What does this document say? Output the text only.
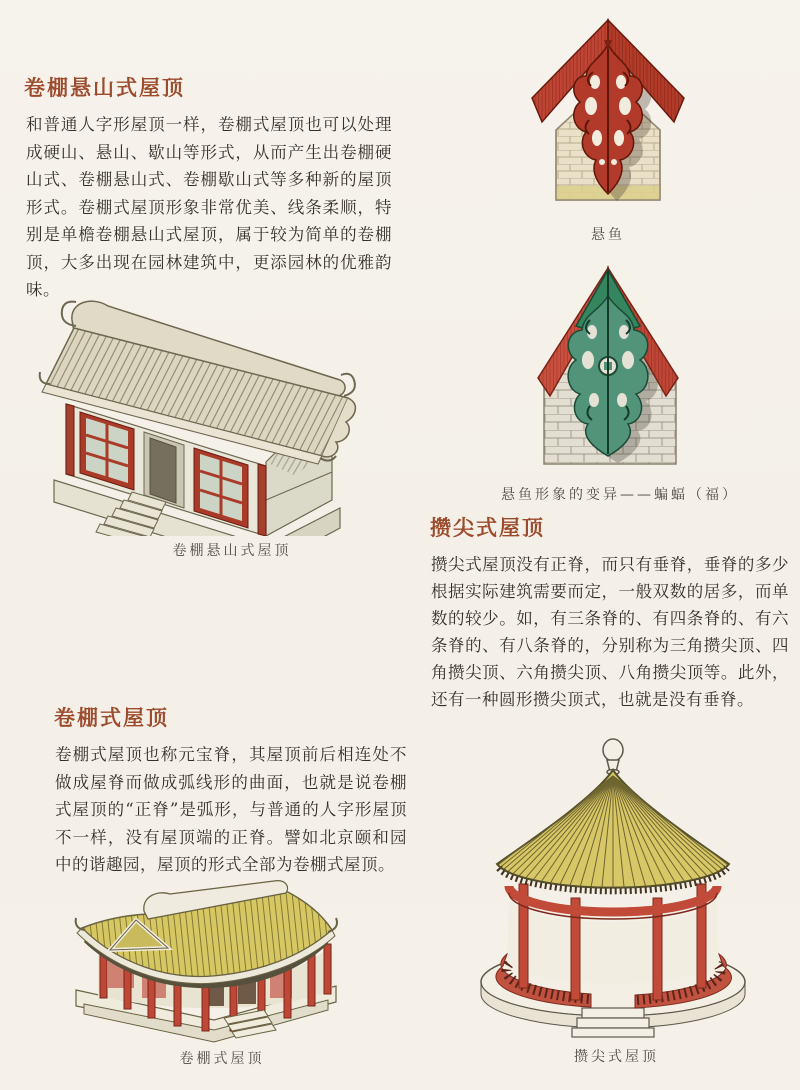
卷棚悬山式屋顶

和普通人字形屋顶一样，卷棚式屋顶也可以处理成硬山、悬山、歇山等形式，从而产生出卷棚硬山式、卷棚悬山式、卷棚歇山式等多种新的屋顶形式。卷棚式屋顶形象非常优美、线条柔顺，特别是单檐卷棚悬山式屋顶，属于较为简单的卷棚顶，大多出现在园林建筑中，更添园林的优雅韵味。

卷棚悬山式屋顶
卷棚式屋顶

卷棚式屋顶也称元宝脊，其屋顶前后相连处不做成屋脊而做成弧线形的曲面，也就是说卷棚式屋顶的“正脊”是弧形，与普通的人字形屋顶不一样，没有屋顶端的正脊。譬如北京颐和园中的谐趣园，屋顶的形式全部为卷棚式屋顶。

卷棚式屋顶
悬鱼
悬鱼形象的变异——蝙蝠（福）
攒尖式屋顶

攒尖式屋顶没有正脊，而只有垂脊，垂脊的多少根据实际建筑需要而定，一般双数的居多，而单数的较少。如，有三条脊的、有四条脊的、有六条脊的、有八条脊的，分别称为三角攒尖顶、四角攒尖顶、六角攒尖顶、八角攒尖顶等。此外，还有一种圆形攒尖顶式，也就是没有垂脊。

攒尖式屋顶
